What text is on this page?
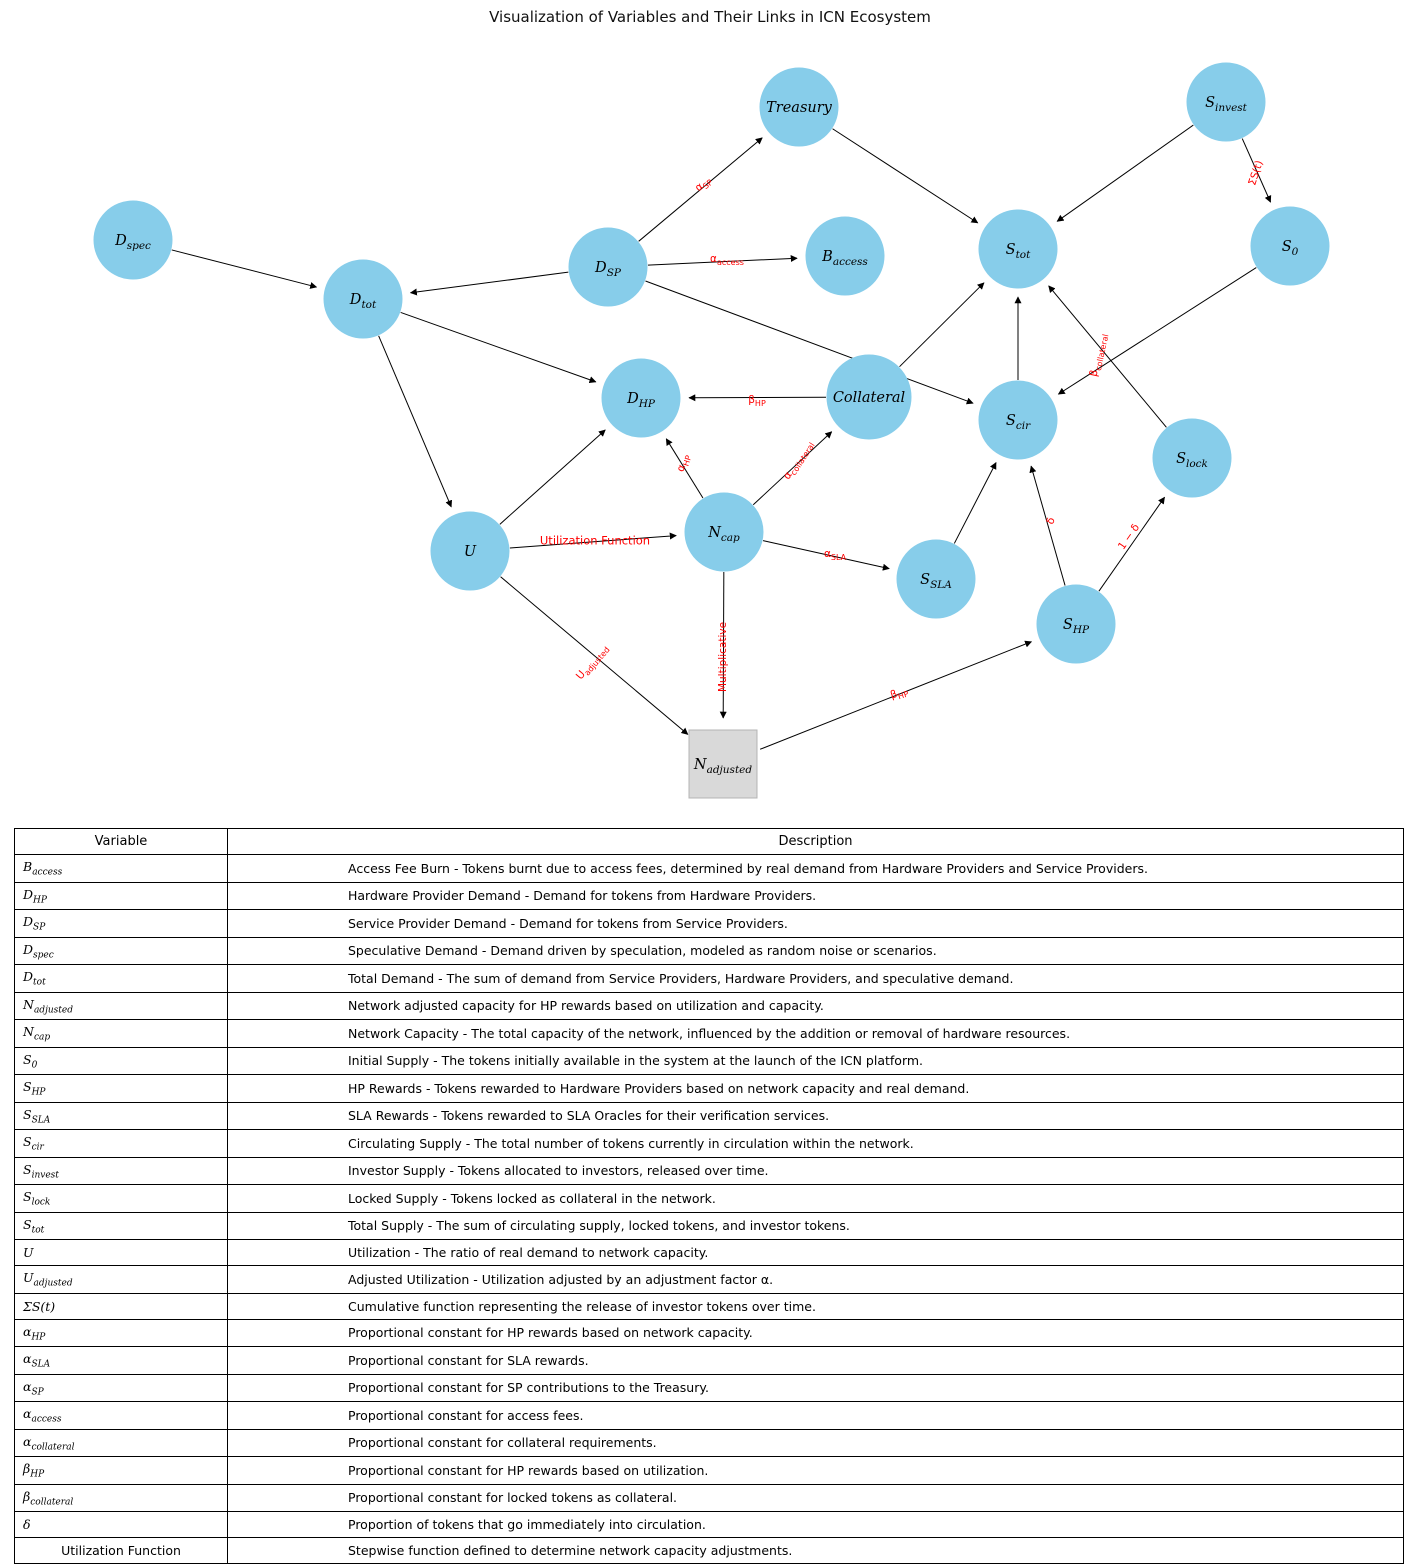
Visualization of Variables and Their Links in ICN Ecosystem
Treasury	$S_{invest}$
$D_{spec}$
$D_{SP}$
$B_{access}$
$S_{tot}$	$S_0$
$D_{tot}$
$D_{HP}$	Collateral
$S_{cir}$
$S_{lock}$
U
$N_{cap}$
$S_{SLA}$
$S_{HP}$
$N_{adjusted}$
$\alpha_{SP}$
$\alpha_{access}$
ΣS(t)
$\beta_{HP}$
$\alpha_{HP}$
$\alpha_{collateral}$
$\alpha_{SLA}$
Multiplicative
Utilization Function
$U_{adjusted}$
δ
1 − δ
$\beta_{HP}$
$\beta_{collateral}$
Variable	Description
$B_{access}$	Access Fee Burn - Tokens burnt due to access fees, determined by real demand from Hardware Providers and Service Providers.
$D_{HP}$	Hardware Provider Demand - Demand for tokens from Hardware Providers.
$D_{SP}$	Service Provider Demand - Demand for tokens from Service Providers.
$D_{spec}$	Speculative Demand - Demand driven by speculation, modeled as random noise or scenarios.
$D_{tot}$	Total Demand - The sum of demand from Service Providers, Hardware Providers, and speculative demand.
$N_{adjusted}$	Network adjusted capacity for HP rewards based on utilization and capacity.
$N_{cap}$	Network Capacity - The total capacity of the network, influenced by the addition or removal of hardware resources.
$S_0$	Initial Supply - The tokens initially available in the system at the launch of the ICN platform.
$S_{HP}$	HP Rewards - Tokens rewarded to Hardware Providers based on network capacity and real demand.
$S_{SLA}$	SLA Rewards - Tokens rewarded to SLA Oracles for their verification services.
$S_{cir}$	Circulating Supply - The total number of tokens currently in circulation within the network.
$S_{invest}$	Investor Supply - Tokens allocated to investors, released over time.
$S_{lock}$	Locked Supply - Tokens locked as collateral in the network.
$S_{tot}$	Total Supply - The sum of circulating supply, locked tokens, and investor tokens.
U	Utilization - The ratio of real demand to network capacity.
$U_{adjusted}$	Adjusted Utilization - Utilization adjusted by an adjustment factor α.
ΣS(t)	Cumulative function representing the release of investor tokens over time.
$\alpha_{HP}$	Proportional constant for HP rewards based on network capacity.
$\alpha_{SLA}$	Proportional constant for SLA rewards.
$\alpha_{SP}$	Proportional constant for SP contributions to the Treasury.
$\alpha_{access}$	Proportional constant for access fees.
$\alpha_{collateral}$	Proportional constant for collateral requirements.
$\beta_{HP}$	Proportional constant for HP rewards based on utilization.
$\beta_{collateral}$	Proportional constant for locked tokens as collateral.
δ	Proportion of tokens that go immediately into circulation.
Utilization Function	Stepwise function defined to determine network capacity adjustments.
